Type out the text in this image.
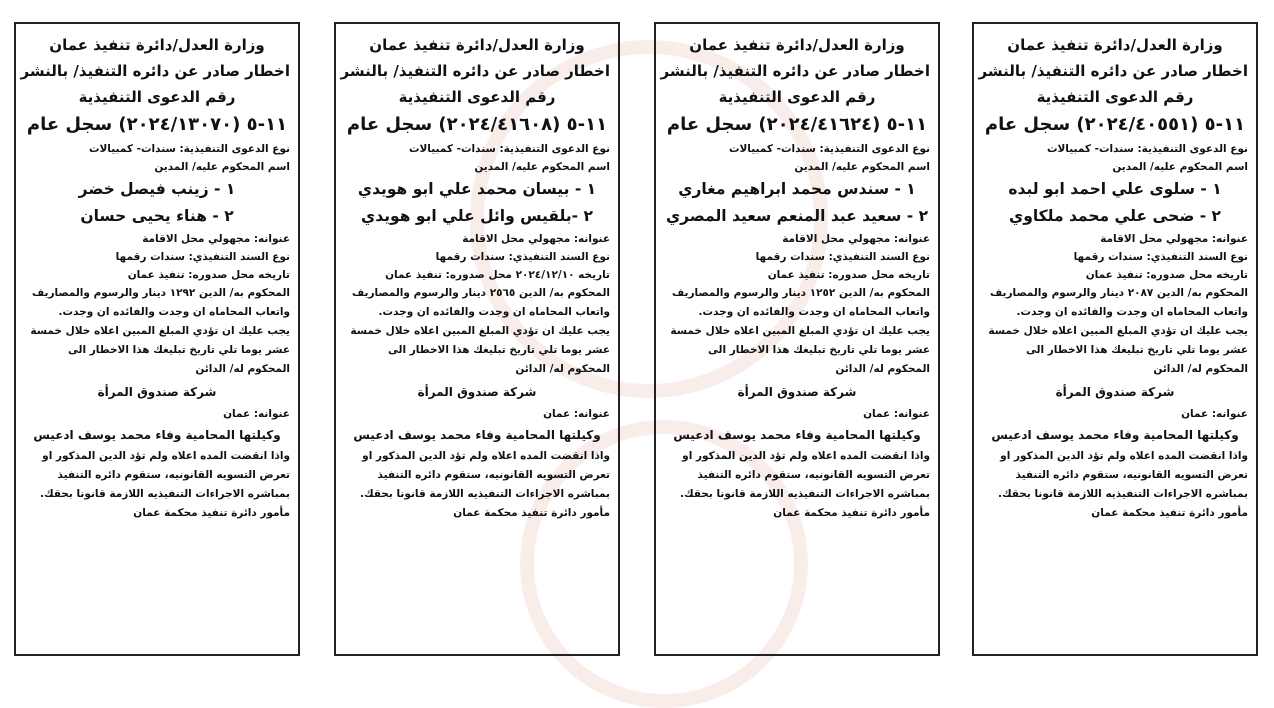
وزارة العدل/دائرة تنفيذ عمان
اخطار صادر عن دائره التنفيذ/ بالنشر
رقم الدعوى التنفيذية
١١-٥ (٢٠٢٤/٤٠٥٥١) سجل عام
نوع الدعوى التنفيذية: سندات- كمبيالات
اسم المحكوم عليه/ المدين
١ - سلوى علي احمد ابو لبده
٢ - ضحى علي محمد ملكاوي
عنوانه: مجهولي محل الاقامة
نوع السند التنفيذي: سندات رقمها
تاريخه محل صدوره: تنفيذ عمان
المحكوم به/ الدين ٢٠٨٧ دينار والرسوم والمصاريف واتعاب المحاماه ان وجدت والفائده ان وجدت.
يجب عليك ان تؤدي المبلغ المبين اعلاه خلال خمسة عشر يوما تلي تاريخ تبليغك هذا الاخطار الى المحكوم له/ الدائن
شركة صندوق المرأة
عنوانه: عمان
وكيلتها المحامية وفاء محمد يوسف ادعيس
واذا انقضت المده اعلاه ولم تؤد الدين المذكور او تعرض التسويه القانونيه، ستقوم دائره التنفيذ بمباشره الاجراءات التنفيذيه اللازمة قانونا بحقك.
مأمور دائرة تنفيذ محكمة عمان
وزارة العدل/دائرة تنفيذ عمان
اخطار صادر عن دائره التنفيذ/ بالنشر
رقم الدعوى التنفيذية
١١-٥ (٢٠٢٤/٤١٦٢٤) سجل عام
نوع الدعوى التنفيذية: سندات- كمبيالات
اسم المحكوم عليه/ المدين
١ - سندس محمد ابراهيم مغاري
٢ - سعيد عبد المنعم سعيد المصري
عنوانه: مجهولي محل الاقامة
نوع السند التنفيذي: سندات رقمها
تاريخه محل صدوره: تنفيذ عمان
المحكوم به/ الدين ١٢٥٢ دينار والرسوم والمصاريف واتعاب المحاماه ان وجدت والفائده ان وجدت.
يجب عليك ان تؤدي المبلغ المبين اعلاه خلال خمسة عشر يوما تلي تاريخ تبليغك هذا الاخطار الى المحكوم له/ الدائن
شركة صندوق المرأة
عنوانه: عمان
وكيلتها المحامية وفاء محمد يوسف ادعيس
واذا انقضت المده اعلاه ولم تؤد الدين المذكور او تعرض التسويه القانونيه، ستقوم دائره التنفيذ بمباشره الاجراءات التنفيذيه اللازمة قانونا بحقك.
مأمور دائرة تنفيذ محكمة عمان
وزارة العدل/دائرة تنفيذ عمان
اخطار صادر عن دائره التنفيذ/ بالنشر
رقم الدعوى التنفيذية
١١-٥ (٢٠٢٤/٤١٦٠٨) سجل عام
نوع الدعوى التنفيذية: سندات- كمبيالات
اسم المحكوم عليه/ المدين
١ - بيسان محمد علي ابو هويدي
٢ -بلقيس وائل علي ابو هويدي
عنوانه: مجهولي محل الاقامة
نوع السند التنفيذي: سندات رقمها
تاريخه ٢٠٢٤/١٢/١٠ محل صدوره: تنفيذ عمان
المحكوم به/ الدين ٢٥٦٥ دينار والرسوم والمصاريف واتعاب المحاماه ان وجدت والفائده ان وجدت.
يجب عليك ان تؤدي المبلغ المبين اعلاه خلال خمسة عشر يوما تلي تاريخ تبليغك هذا الاخطار الى المحكوم له/ الدائن
شركة صندوق المرأة
عنوانه: عمان
وكيلتها المحامية وفاء محمد يوسف ادعيس
واذا انقضت المده اعلاه ولم تؤد الدين المذكور او تعرض التسويه القانونيه، ستقوم دائره التنفيذ بمباشره الاجراءات التنفيذيه اللازمة قانونا بحقك.
مأمور دائرة تنفيذ محكمة عمان
وزارة العدل/دائرة تنفيذ عمان
اخطار صادر عن دائره التنفيذ/ بالنشر
رقم الدعوى التنفيذية
١١-٥ (٢٠٢٤/١٣٠٧٠) سجل عام
نوع الدعوى التنفيذية: سندات- كمبيالات
اسم المحكوم عليه/ المدين
١ - زينب فيصل خضر
٢ - هناء يحيى حسان
عنوانه: مجهولي محل الاقامة
نوع السند التنفيذي: سندات رقمها
تاريخه محل صدوره: تنفيذ عمان
المحكوم به/ الدين ١٢٩٢ دينار والرسوم والمصاريف واتعاب المحاماه ان وجدت والفائده ان وجدت.
يجب عليك ان تؤدي المبلغ المبين اعلاه خلال خمسة عشر يوما تلي تاريخ تبليغك هذا الاخطار الى المحكوم له/ الدائن
شركة صندوق المرأة
عنوانه: عمان
وكيلتها المحامية وفاء محمد يوسف ادعيس
واذا انقضت المده اعلاه ولم تؤد الدين المذكور او تعرض التسويه القانونيه، ستقوم دائره التنفيذ بمباشره الاجراءات التنفيذيه اللازمة قانونا بحقك.
مأمور دائرة تنفيذ محكمة عمان
